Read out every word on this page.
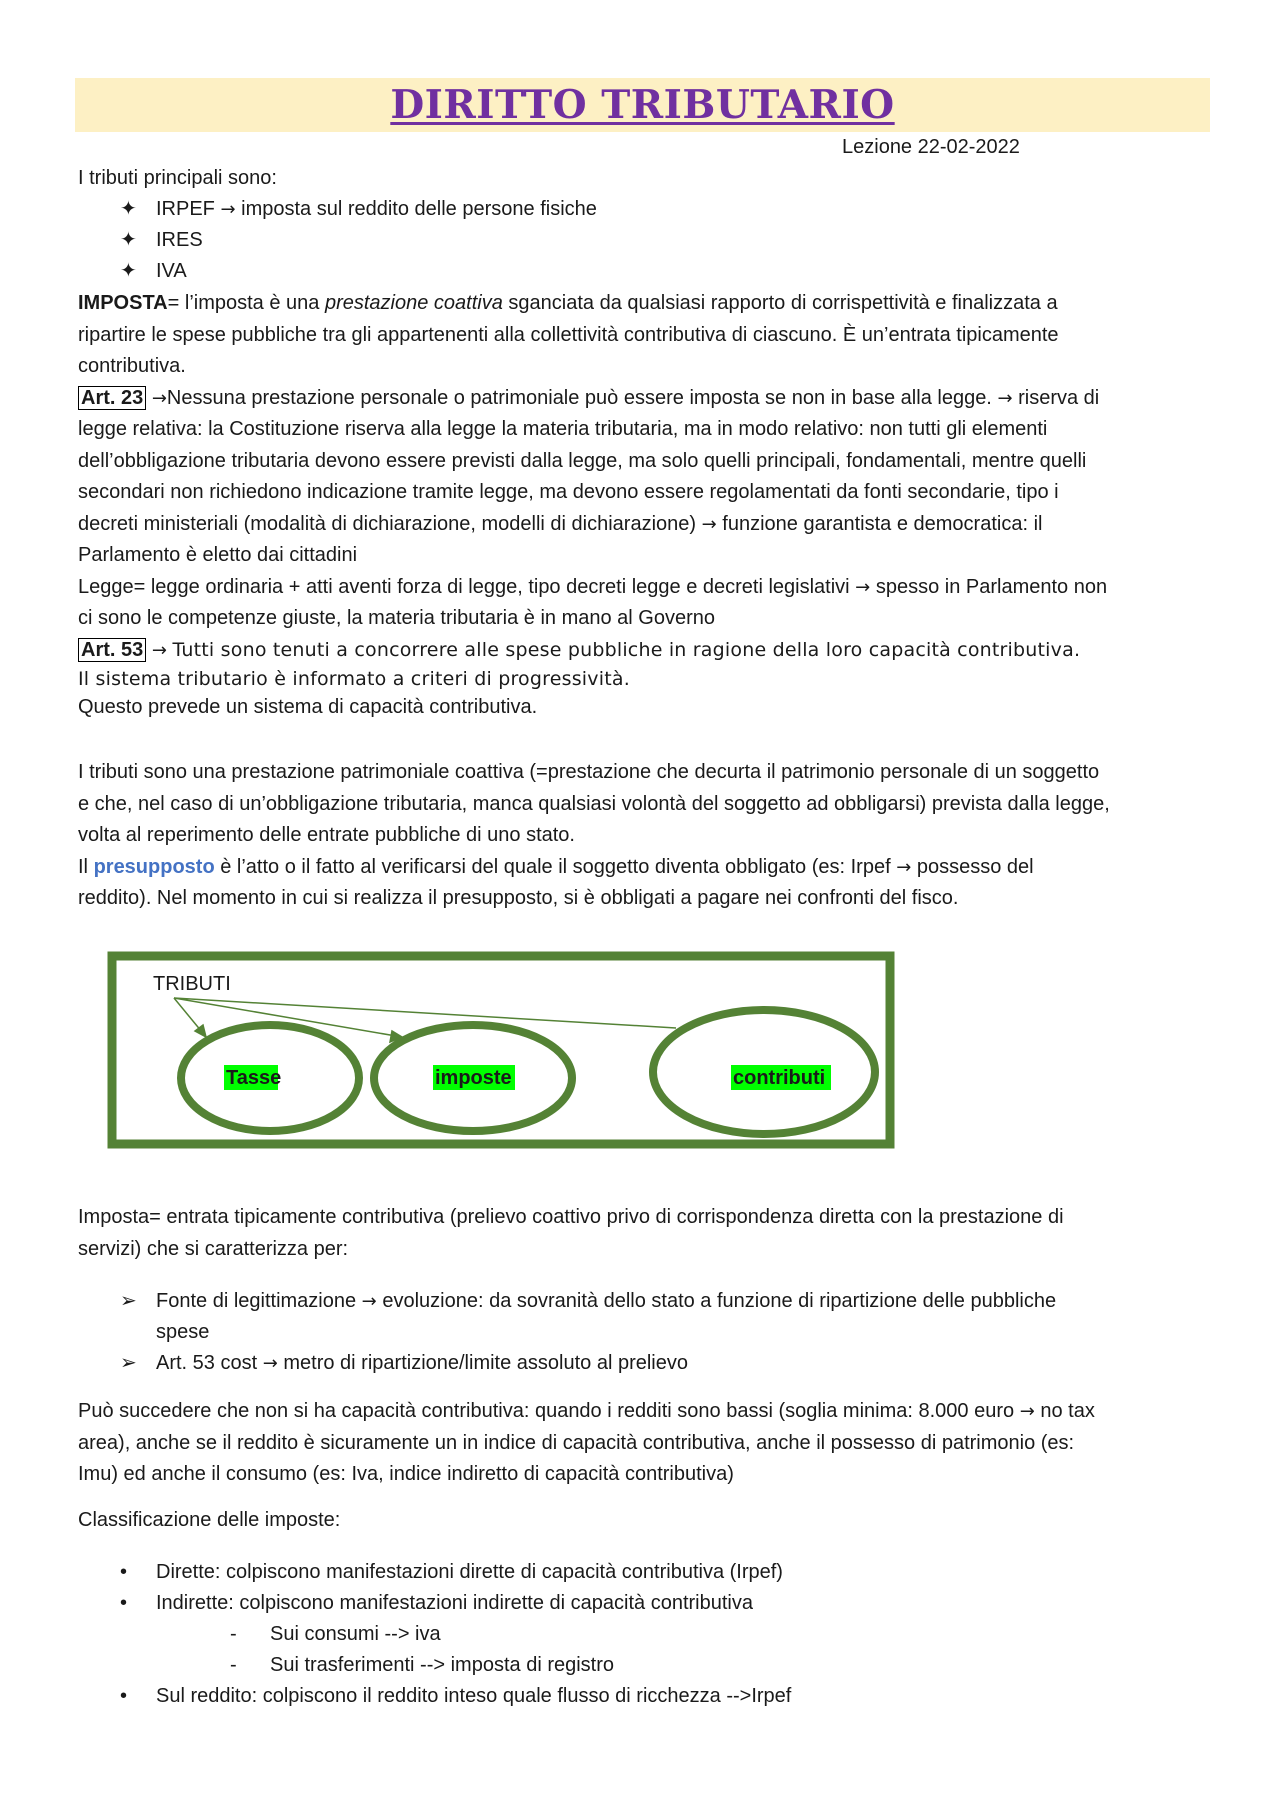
DIRITTO TRIBUTARIO
Lezione 22-02-2022
I tributi principali sono:
✦ IRPEF → imposta sul reddito delle persone fisiche
✦ IRES
✦ IVA
IMPOSTA= l’imposta è una prestazione coattiva sganciata da qualsiasi rapporto di corrispettività e finalizzata a
ripartire le spese pubbliche tra gli appartenenti alla collettività contributiva di ciascuno. È un’entrata tipicamente
contributiva.
Art. 23 →Nessuna prestazione personale o patrimoniale può essere imposta se non in base alla legge. → riserva di
legge relativa: la Costituzione riserva alla legge la materia tributaria, ma in modo relativo: non tutti gli elementi
dell’obbligazione tributaria devono essere previsti dalla legge, ma solo quelli principali, fondamentali, mentre quelli
secondari non richiedono indicazione tramite legge, ma devono essere regolamentati da fonti secondarie, tipo i
decreti ministeriali (modalità di dichiarazione, modelli di dichiarazione) → funzione garantista e democratica: il
Parlamento è eletto dai cittadini
Legge= legge ordinaria + atti aventi forza di legge, tipo decreti legge e decreti legislativi → spesso in Parlamento non
ci sono le competenze giuste, la materia tributaria è in mano al Governo
Art. 53 → Tutti sono tenuti a concorrere alle spese pubbliche in ragione della loro capacità contributiva.
Il sistema tributario è informato a criteri di progressività.
Questo prevede un sistema di capacità contributiva.
I tributi sono una prestazione patrimoniale coattiva (=prestazione che decurta il patrimonio personale di un soggetto
e che, nel caso di un’obbligazione tributaria, manca qualsiasi volontà del soggetto ad obbligarsi) prevista dalla legge,
volta al reperimento delle entrate pubbliche di uno stato.
Il presupposto è l’atto o il fatto al verificarsi del quale il soggetto diventa obbligato (es: Irpef → possesso del
reddito). Nel momento in cui si realizza il presupposto, si è obbligati a pagare nei confronti del fisco.
TRIBUTI
Tasse	imposte	contributi
Imposta= entrata tipicamente contributiva (prelievo coattivo privo di corrispondenza diretta con la prestazione di
servizi) che si caratterizza per:
➢ Fonte di legittimazione → evoluzione: da sovranità dello stato a funzione di ripartizione delle pubbliche
spese
➢ Art. 53 cost → metro di ripartizione/limite assoluto al prelievo
Può succedere che non si ha capacità contributiva: quando i redditi sono bassi (soglia minima: 8.000 euro → no tax
area), anche se il reddito è sicuramente un in indice di capacità contributiva, anche il possesso di patrimonio (es:
Imu) ed anche il consumo (es: Iva, indice indiretto di capacità contributiva)
Classificazione delle imposte:
•	Dirette: colpiscono manifestazioni dirette di capacità contributiva (Irpef)
•	Indirette: colpiscono manifestazioni indirette di capacità contributiva
- Sui consumi --> iva
- Sui trasferimenti --> imposta di registro
•	Sul reddito: colpiscono il reddito inteso quale flusso di ricchezza -->Irpef
